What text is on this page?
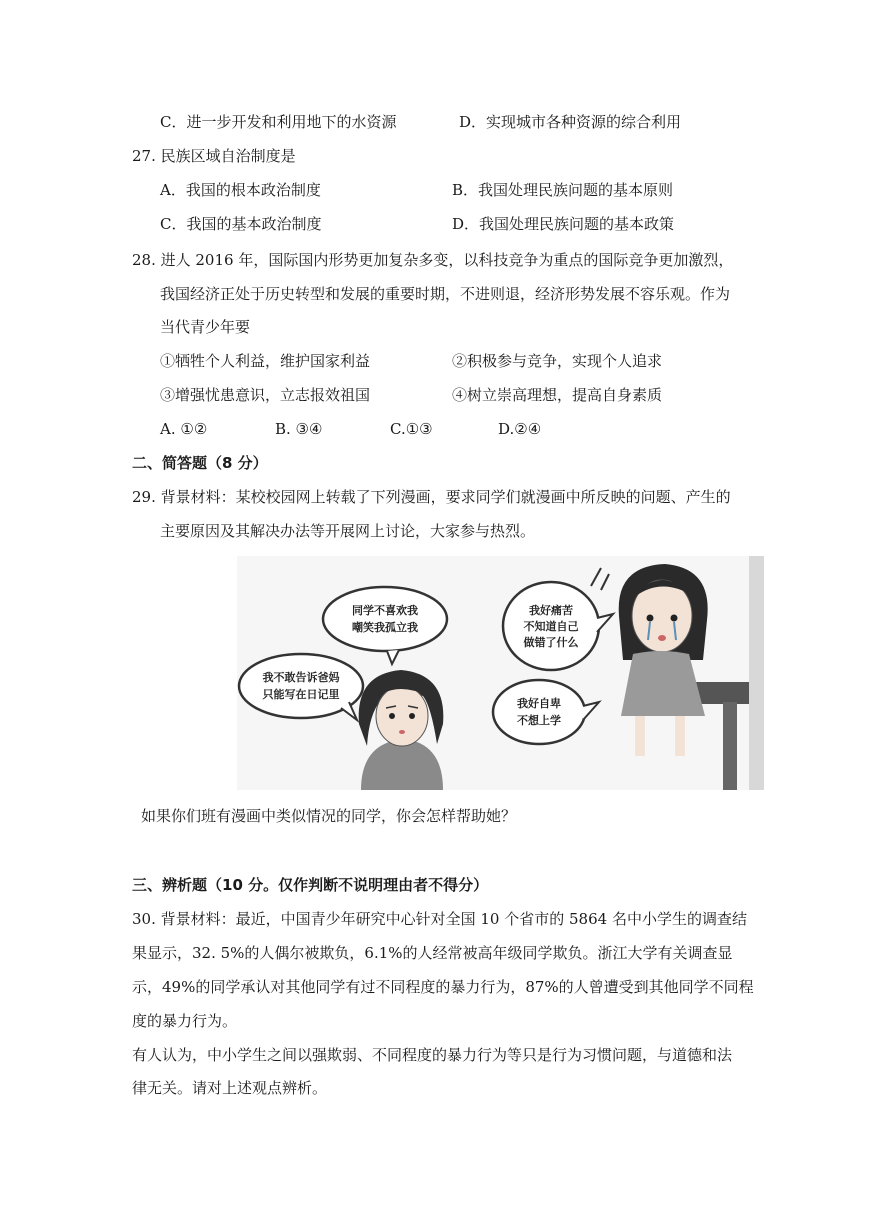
C．进一步开发和利用地下的水资源	D．实现城市各种资源的综合利用
27. 民族区域自治制度是
A．我国的根本政治制度	B．我国处理民族问题的基本原则
C．我国的基本政治制度	D．我国处理民族问题的基本政策
28. 进人 2016 年，国际国内形势更加复杂多变，以科技竞争为重点的国际竞争更加激烈，
我国经济正处于历史转型和发展的重要时期，不进则退，经济形势发展不容乐观。作为
当代青少年要
①牺牲个人利益，维护国家利益	②积极参与竞争，实现个人追求
③增强忧患意识，立志报效祖国	④树立崇高理想，提高自身素质
A. ①②	B. ③④	C.①③	D.②④
二、简答题（8 分）
29. 背景材料：某校校园网上转载了下列漫画，要求同学们就漫画中所反映的问题、产生的
主要原因及其解决办法等开展网上讨论，大家参与热烈。
同学不喜欢我
嘲笑我孤立我
我不敢告诉爸妈
只能写在日记里
我好痛苦
不知道自己
做错了什么
我好自卑
不想上学
如果你们班有漫画中类似情况的同学，你会怎样帮助她？
三、辨析题（10 分。仅作判断不说明理由者不得分）
30. 背景材料：最近，中国青少年研究中心针对全国 10 个省市的 5864 名中小学生的调查结
果显示，32. 5%的人偶尔被欺负，6.1%的人经常被高年级同学欺负。浙江大学有关调查显
示，49%的同学承认对其他同学有过不同程度的暴力行为，87%的人曾遭受到其他同学不同程
度的暴力行为。
有人认为，中小学生之间以强欺弱、不同程度的暴力行为等只是行为习惯问题，与道德和法
律无关。请对上述观点辨析。
